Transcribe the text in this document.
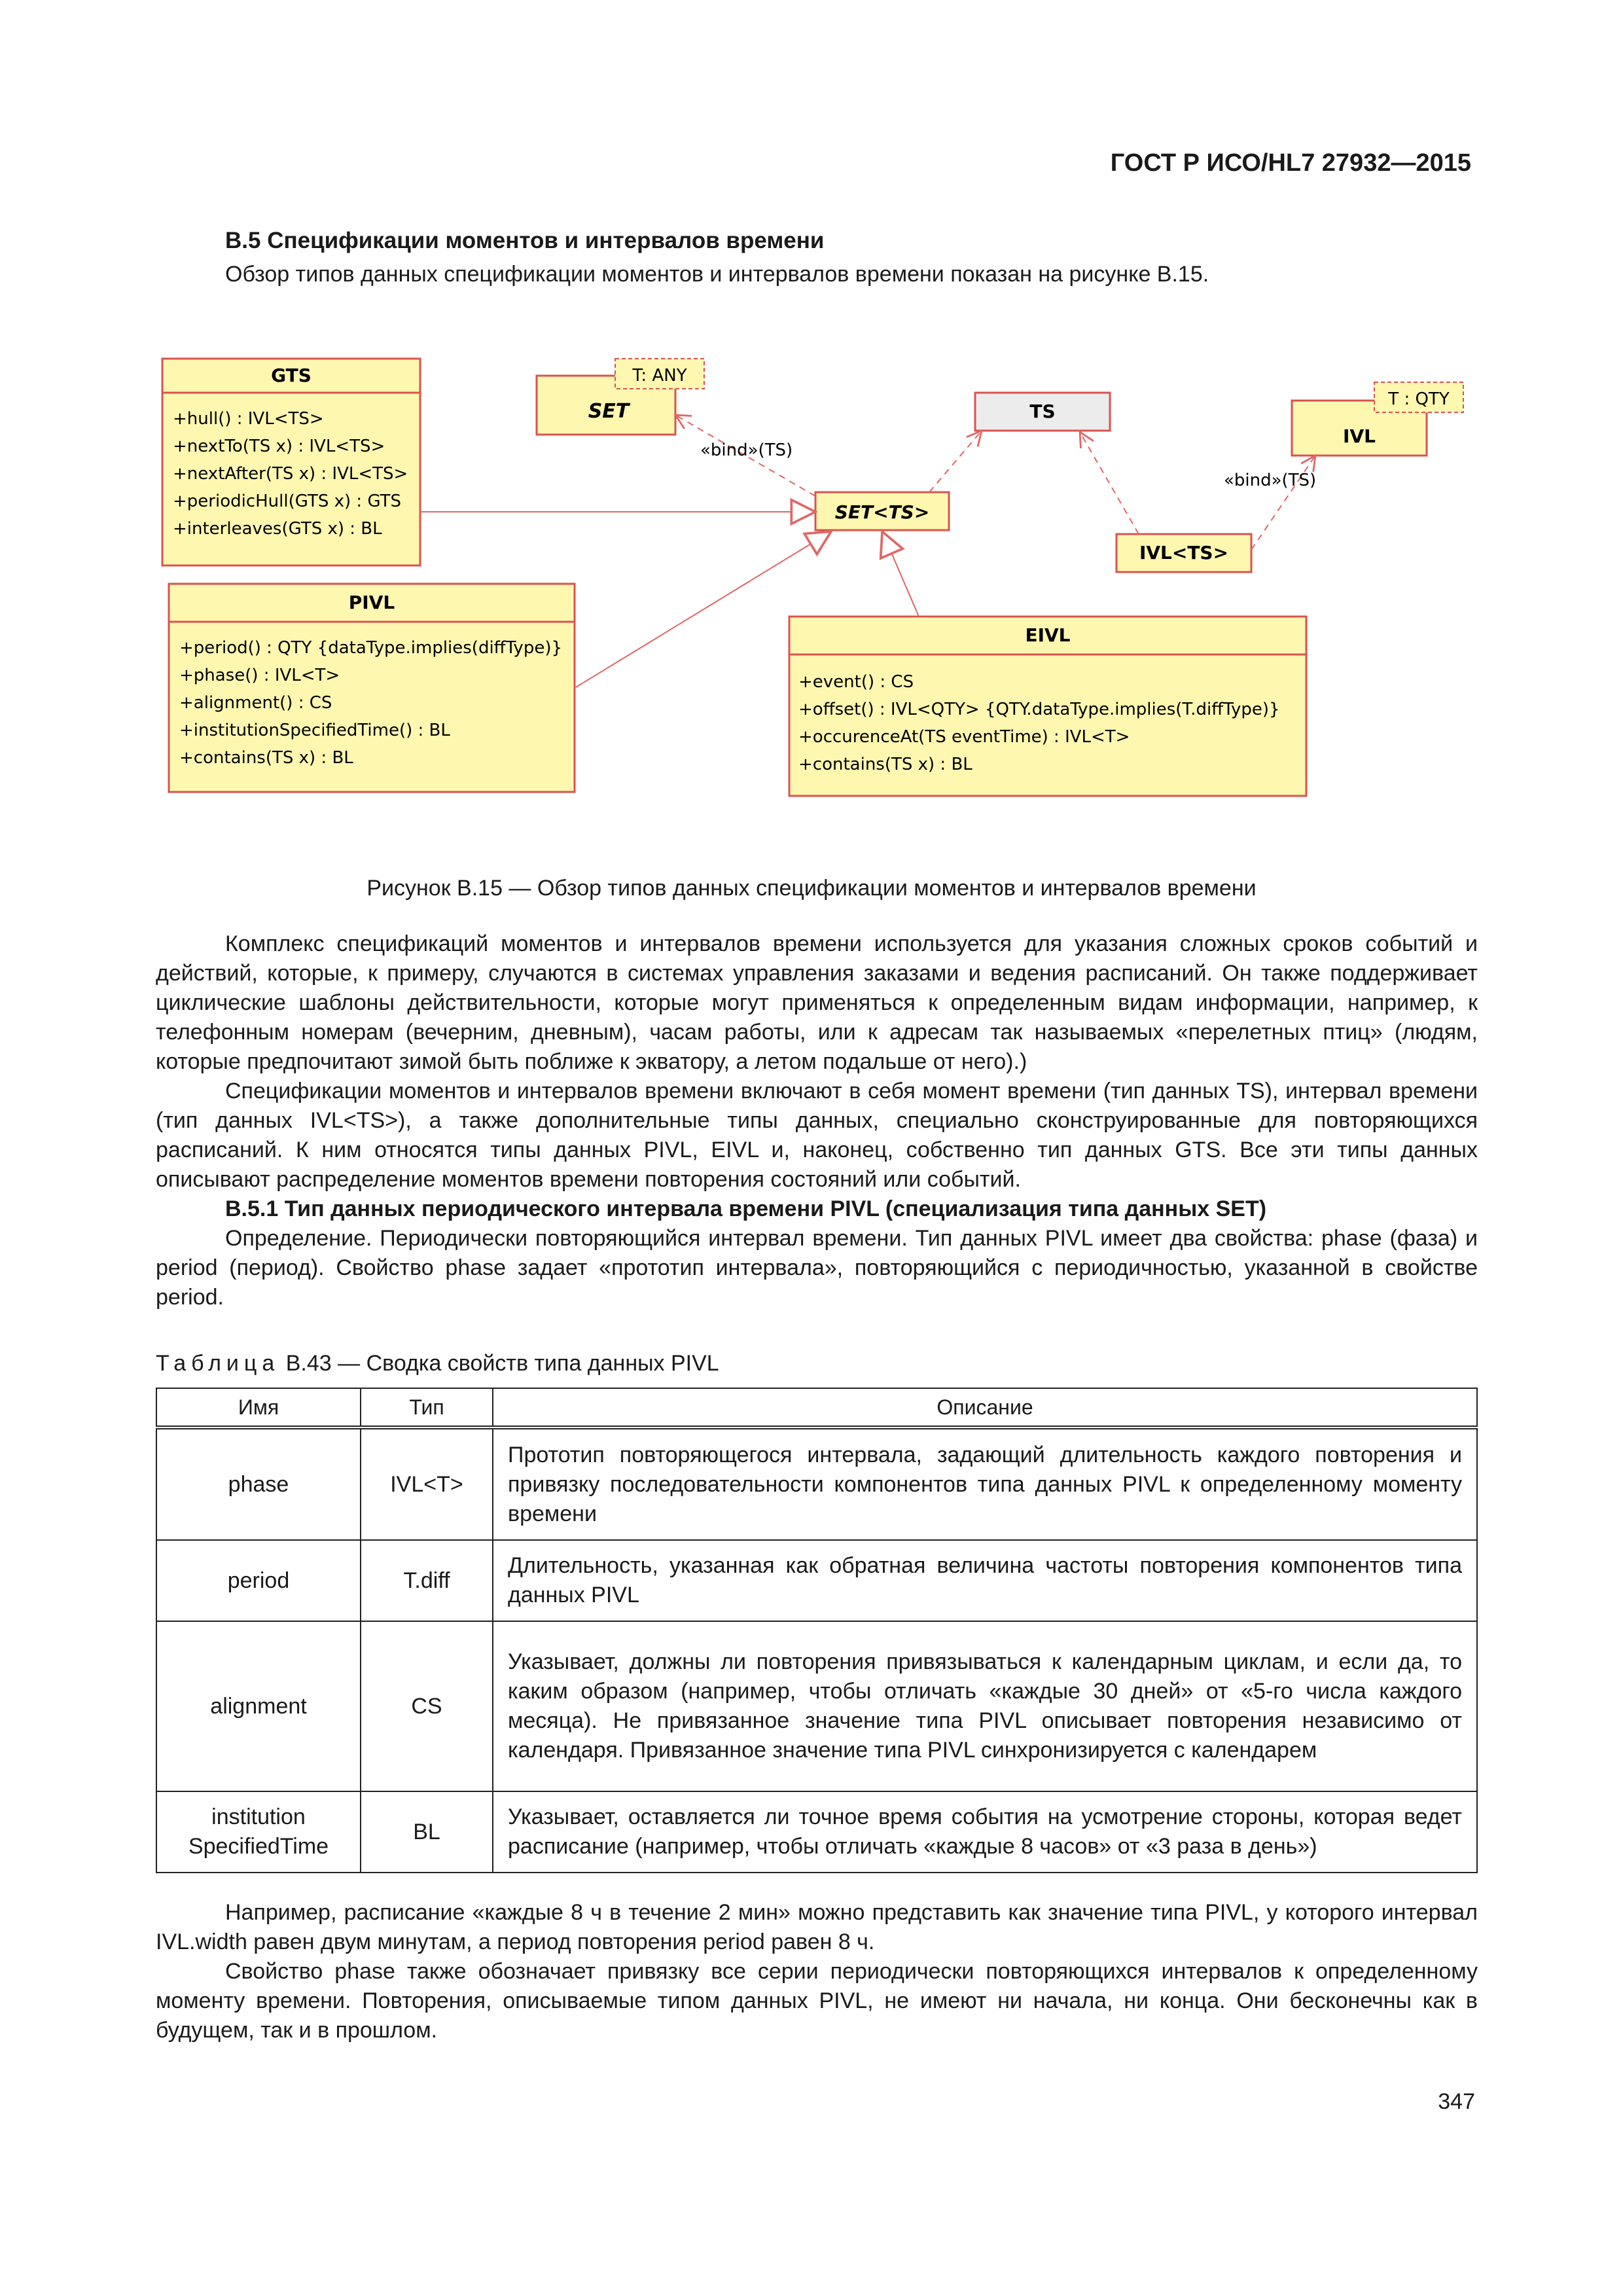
ГОСТ Р ИСО/HL7 27932—2015
В.5 Спецификации моментов и интервалов времени
Обзор типов данных спецификации моментов и интервалов времени показан на рисунке В.15.
GTS
+hull() : IVL<TS>
+nextTo(TS x) : IVL<TS>
+nextAfter(TS x) : IVL<TS>
+periodicHull(GTS x) : GTS
+interleaves(GTS x) : BL
PIVL
+period() : QTY {dataType.implies(diffType)}
+phase() : IVL<T>
+alignment() : CS
+institutionSpecifiedTime() : BL
+contains(TS x) : BL
EIVL
+event() : CS
+offset() : IVL<QTY> {QTY.dataType.implies(T.diffType)}
+occurenceAt(TS eventTime) : IVL<T>
+contains(TS x) : BL
SET
T: ANY
TS
IVL
T : QTY
SET<TS>
IVL<TS>
«bind»(TS)
«bind»(TS)
Рисунок В.15 — Обзор типов данных спецификации моментов и интервалов времени

Комплекс спецификаций моментов и интервалов времени используется для указания сложных сроков событий и действий, которые, к примеру, случаются в системах управления заказами и ведения расписаний. Он также поддерживает циклические шаблоны действительности, которые могут применяться к определенным видам информации, например, к телефонным номерам (вечерним, дневным), часам работы, или к адресам так называемых «перелетных птиц» (людям, которые предпочитают зимой быть поближе к экватору, а летом подальше от него).)

Спецификации моментов и интервалов времени включают в себя момент времени (тип данных TS), интервал времени (тип данных IVL<TS>), а также дополнительные типы данных, специально сконструированные для повторяющихся расписаний. К ним относятся типы данных PIVL, EIVL и, наконец, собственно тип данных GTS. Все эти типы данных описывают распределение моментов времени повторения состояний или событий.

В.5.1 Тип данных периодического интервала времени PIVL (специализация типа данных SET)

Определение. Периодически повторяющийся интервал времени. Тип данных PIVL имеет два свойства: phase (фаза) и period (период). Свойство phase задает «прототип интервала», повторяющийся с периодичностью, указанной в свойстве period.

Таблица В.43 — Сводка свойств типа данных PIVL
Имя	Тип	Описание
phase	IVL<T>	Прототип повторяющегося интервала, задающий длительность каждого повторения и привязку последовательности компонентов типа данных PIVL к определенному моменту времени
period	T.diff	Длительность, указанная как обратная величина частоты повторения компонентов типа данных PIVL
alignment	CS	Указывает, должны ли повторения привязываться к календарным циклам, и если да, то каким образом (например, чтобы отличать «каждые 30 дней» от «5-го числа каждого месяца). Не привязанное значение типа PIVL описывает повторения независимо от календаря. Привязанное значение типа PIVL синхронизируется с календарем
institution
SpecifiedTime	BL	Указывает, оставляется ли точное время события на усмотрение стороны, которая ведет расписание (например, чтобы отличать «каждые 8 часов» от «3 раза в день»)

Например, расписание «каждые 8 ч в течение 2 мин» можно представить как значение типа PIVL, у которого интервал IVL.width равен двум минутам, а период повторения period равен 8 ч.

Свойство phase также обозначает привязку все серии периодически повторяющихся интервалов к определенному моменту времени. Повторения, описываемые типом данных PIVL, не имеют ни начала, ни конца. Они бесконечны как в будущем, так и в прошлом.

347
